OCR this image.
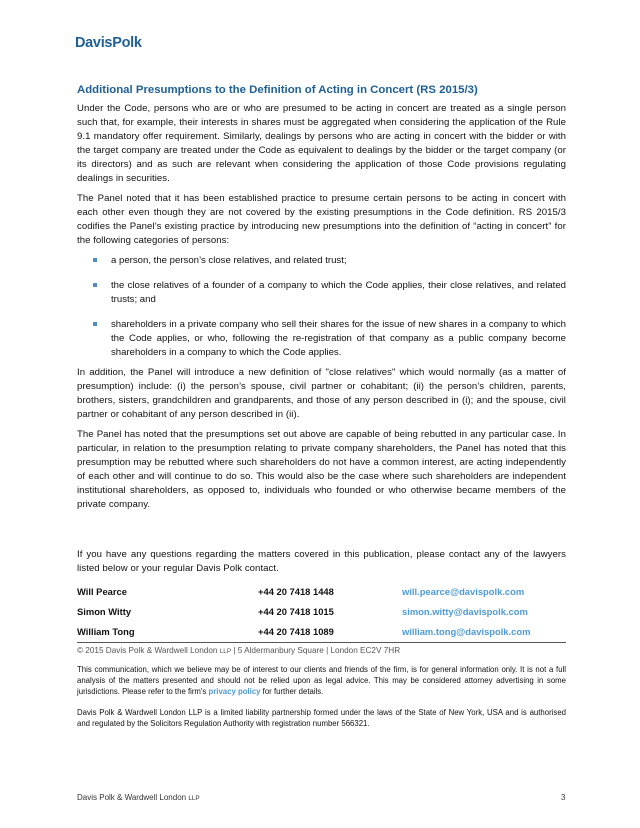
DavisPolk
Additional Presumptions to the Definition of Acting in Concert (RS 2015/3)

Under the Code, persons who are or who are presumed to be acting in concert are treated as a single person such that, for example, their interests in shares must be aggregated when considering the application of the Rule 9.1 mandatory offer requirement. Similarly, dealings by persons who are acting in concert with the bidder or with the target company are treated under the Code as equivalent to dealings by the bidder or the target company (or its directors) and as such are relevant when considering the application of those Code provisions regulating dealings in securities.

The Panel noted that it has been established practice to presume certain persons to be acting in concert with each other even though they are not covered by the existing presumptions in the Code definition. RS 2015/3 codifies the Panel’s existing practice by introducing new presumptions into the definition of “acting in concert” for the following categories of persons:

a person, the person’s close relatives, and related trust;
the close relatives of a founder of a company to which the Code applies, their close relatives, and related trusts; and
shareholders in a private company who sell their shares for the issue of new shares in a company to which the Code applies, or who, following the re-registration of that company as a public company become shareholders in a company to which the Code applies.

In addition, the Panel will introduce a new definition of "close relatives" which would normally (as a matter of presumption) include: (i) the person’s spouse, civil partner or cohabitant; (ii) the person’s children, parents, brothers, sisters, grandchildren and grandparents, and those of any person described in (i); and the spouse, civil partner or cohabitant of any person described in (ii).

The Panel has noted that the presumptions set out above are capable of being rebutted in any particular case. In particular, in relation to the presumption relating to private company shareholders, the Panel has noted that this presumption may be rebutted where such shareholders do not have a common interest, are acting independently of each other and will continue to do so. This would also be the case where such shareholders are independent institutional shareholders, as opposed to, individuals who founded or who otherwise became members of the private company.

If you have any questions regarding the matters covered in this publication, please contact any of the lawyers listed below or your regular Davis Polk contact.

Will Pearce	+44 20 7418 1448	will.pearce@davispolk.com
Simon Witty	+44 20 7418 1015	simon.witty@davispolk.com
William Tong	+44 20 7418 1089	william.tong@davispolk.com
© 2015 Davis Polk & Wardwell London LLP | 5 Aldermanbury Square | London EC2V 7HR

This communication, which we believe may be of interest to our clients and friends of the firm, is for general information only. It is not a full analysis of the matters presented and should not be relied upon as legal advice. This may be considered attorney advertising in some jurisdictions. Please refer to the firm's privacy policy for further details.

Davis Polk & Wardwell London LLP is a limited liability partnership formed under the laws of the State of New York, USA and is authorised and regulated by the Solicitors Regulation Authority with registration number 566321.

Davis Polk & Wardwell London LLP	3
